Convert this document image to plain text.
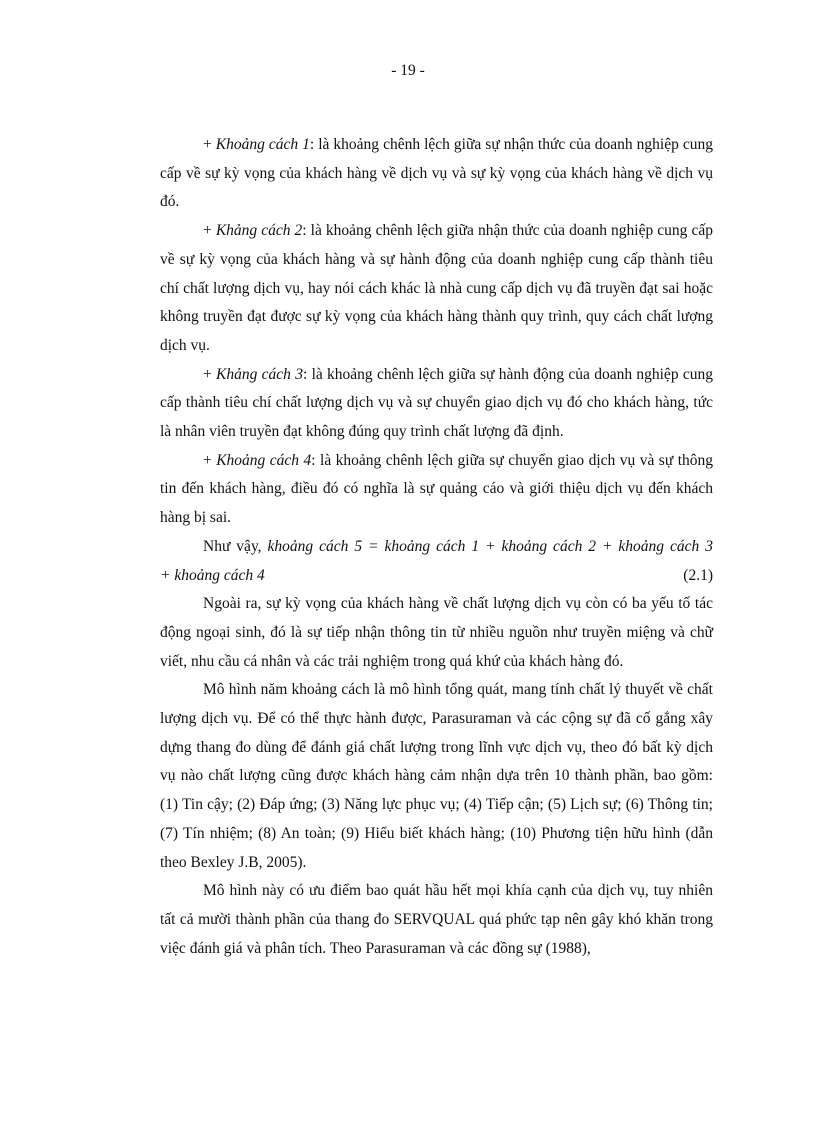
- 19 -

+ Khoảng cách 1: là khoảng chênh lệch giữa sự nhận thức của doanh nghiệp cung cấp về sự kỳ vọng của khách hàng về dịch vụ và sự kỳ vọng của khách hàng về dịch vụ đó.

+ Khảng cách 2: là khoảng chênh lệch giữa nhận thức của doanh nghiệp cung cấp về sự kỳ vọng của khách hàng và sự hành động của doanh nghiệp cung cấp thành tiêu chí chất lượng dịch vụ, hay nói cách khác là nhà cung cấp dịch vụ đã truyền đạt sai hoặc không truyền đạt được sự kỳ vọng của khách hàng thành quy trình, quy cách chất lượng dịch vụ.

+ Khảng cách 3: là khoảng chênh lệch giữa sự hành động của doanh nghiệp cung cấp thành tiêu chí chất lượng dịch vụ và sự chuyển giao dịch vụ đó cho khách hàng, tức là nhân viên truyền đạt không đúng quy trình chất lượng đã định.

+ Khoảng cách 4: là khoảng chênh lệch giữa sự chuyển giao dịch vụ và sự thông tin đến khách hàng, điều đó có nghĩa là sự quảng cáo và giới thiệu dịch vụ đến khách hàng bị sai.

Như vậy, khoảng cách 5 = khoảng cách 1 + khoảng cách 2 + khoảng cách 3

+ khoảng cách 4	(2.1)

Ngoài ra, sự kỳ vọng của khách hàng về chất lượng dịch vụ còn có ba yếu tố tác động ngoại sinh, đó là sự tiếp nhận thông tin từ nhiều nguồn như truyền miệng và chữ viết, nhu cầu cá nhân và các trải nghiệm trong quá khứ của khách hàng đó.

Mô hình năm khoảng cách là mô hình tổng quát, mang tính chất lý thuyết về chất lượng dịch vụ. Để có thể thực hành được, Parasuraman và các cộng sự đã cố gắng xây dựng thang đo dùng để đánh giá chất lượng trong lĩnh vực dịch vụ, theo đó bất kỳ dịch vụ nào chất lượng cũng được khách hàng cảm nhận dựa trên 10 thành phần, bao gồm: (1) Tin cậy; (2) Đáp ứng; (3) Năng lực phục vụ; (4) Tiếp cận; (5) Lịch sự; (6) Thông tin; (7) Tín nhiệm; (8) An toàn; (9) Hiểu biết khách hàng; (10) Phương tiện hữu hình (dẫn theo Bexley J.B, 2005).

Mô hình này có ưu điểm bao quát hầu hết mọi khía cạnh của dịch vụ, tuy nhiên tất cả mười thành phần của thang đo SERVQUAL quá phức tạp nên gây khó khăn trong việc đánh giá và phân tích. Theo Parasuraman và các đồng sự (1988),
